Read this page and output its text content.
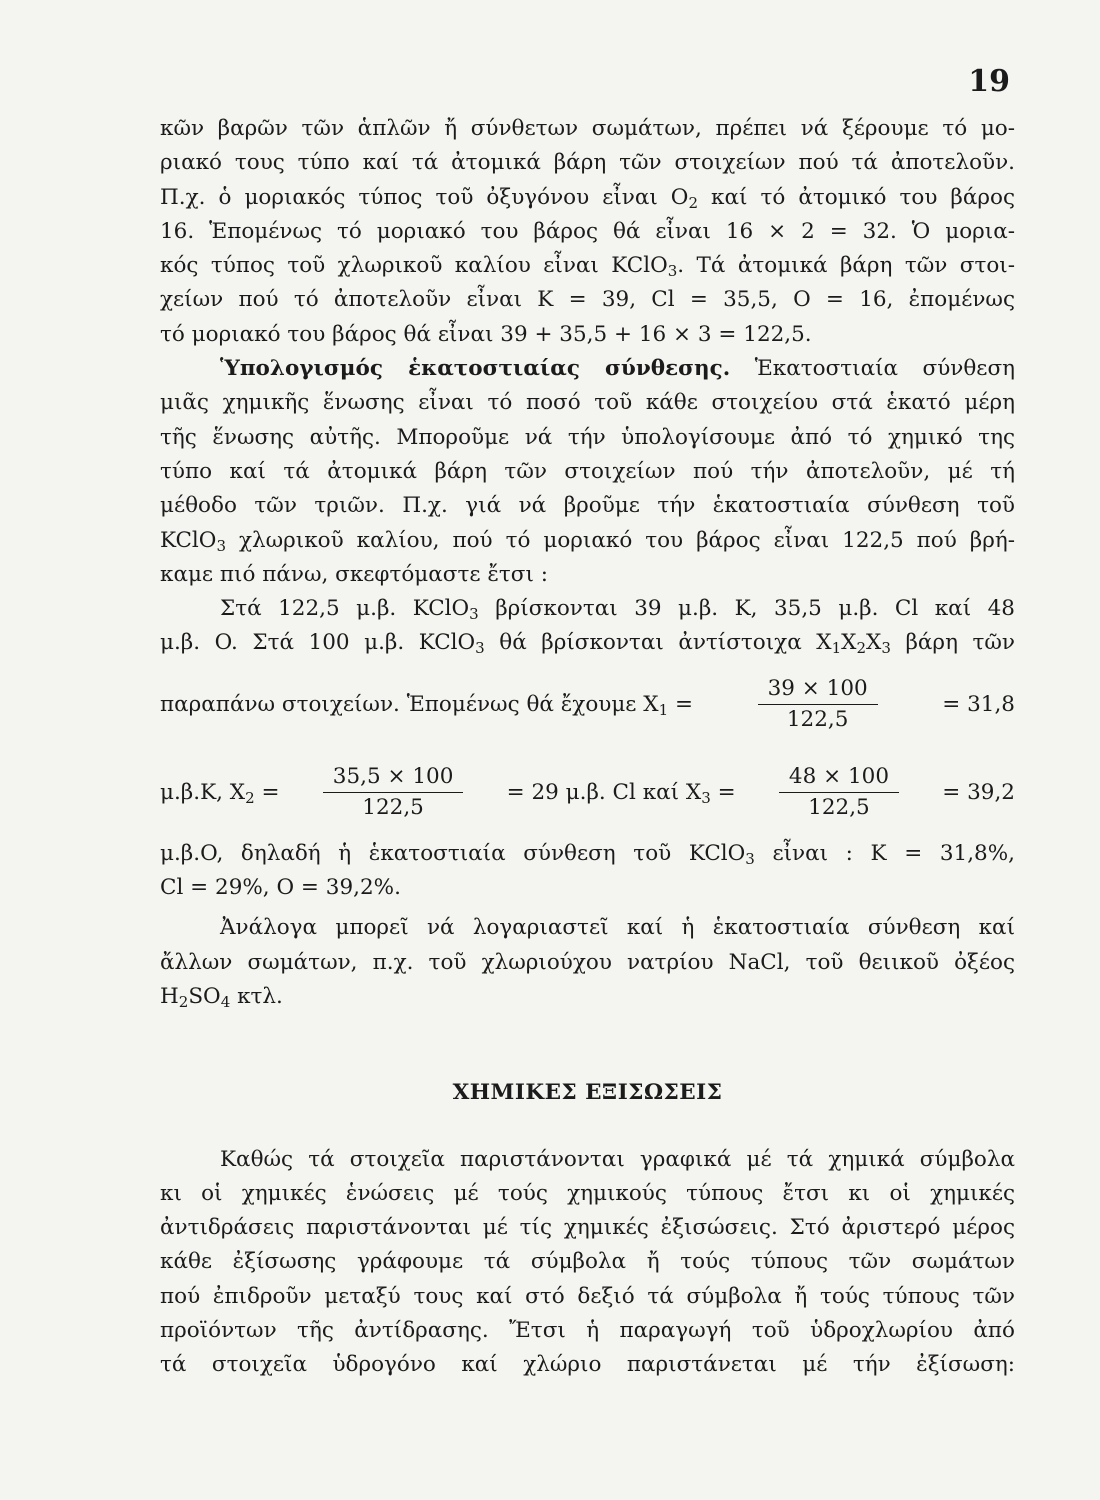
19
κῶν βαρῶν τῶν ἁπλῶν ἤ σύνθετων σωμάτων, πρέπει νά ξέρουμε τό μο-
ριακό τους τύπο καί τά ἀτομικά βάρη τῶν στοιχείων πού τά ἀποτελοῦν.
Π.χ. ὁ μοριακός τύπος τοῦ ὀξυγόνου εἶναι $O_2$ καί τό ἀτομικό του βάρος
16. Ἑπομένως τό μοριακό του βάρος θά εἶναι 16 × 2 = 32. Ὁ μορια-
κός τύπος τοῦ χλωρικοῦ καλίου εἶναι KClO$_3$. Τά ἀτομικά βάρη τῶν στοι-
χείων πού τό ἀποτελοῦν εἶναι K = 39, Cl = 35,5, O = 16, ἐπομένως
τό μοριακό του βάρος θά εἶναι 39 + 35,5 + 16 × 3 = 122,5.
Ὑπολογισμός ἑκατοστιαίας σύνθεσης. Ἑκατοστιαία σύνθεση
μιᾶς χημικῆς ἕνωσης εἶναι τό ποσό τοῦ κάθε στοιχείου στά ἑκατό μέρη
τῆς ἕνωσης αὐτῆς. Μποροῦμε νά τήν ὑπολογίσουμε ἀπό τό χημικό της
τύπο καί τά ἀτομικά βάρη τῶν στοιχείων πού τήν ἀποτελοῦν, μέ τή
μέθοδο τῶν τριῶν. Π.χ. γιά νά βροῦμε τήν ἑκατοστιαία σύνθεση τοῦ
KClO$_3$ χλωρικοῦ καλίου, πού τό μοριακό του βάρος εἶναι 122,5 πού βρή-
καμε πιό πάνω, σκεφτόμαστε ἔτσι :
Στά 122,5 μ.β. KClO$_3$ βρίσκονται 39 μ.β. K, 35,5 μ.β. Cl καί 48
μ.β. O. Στά 100 μ.β. KClO$_3$ θά βρίσκονται ἀντίστοιχα $X_1X_2X_3$ βάρη τῶν
παραπάνω στοιχείων. Ἑπομένως θά ἔχουμε $X_1$ =	$\frac{39 \times 100}{122,5}$	= 31,8
μ.β.K, $X_2 = \frac{35,5 \times 100}{122,5} = 29$ μ.β. Cl καί $X_3 = \frac{48 \times 100}{122,5} = 39,2$
μ.β.O, δηλαδή ἡ ἑκατοστιαία σύνθεση τοῦ KClO$_3$ εἶναι : K = 31,8%,
Cl = 29%, O = 39,2%.
Ἀνάλογα μπορεῖ νά λογαριαστεῖ καί ἡ ἑκατοστιαία σύνθεση καί
ἄλλων σωμάτων, π.χ. τοῦ χλωριούχου νατρίου NaCl, τοῦ θειικοῦ ὀξέος
$H_2SO_4$ κτλ.
ΧΗΜΙΚΕΣ ΕΞΙΣΩΣΕΙΣ
Καθώς τά στοιχεῖα παριστάνονται γραφικά μέ τά χημικά σύμβολα
κι οἱ χημικές ἑνώσεις μέ τούς χημικούς τύπους ἔτσι κι οἱ χημικές
ἀντιδράσεις παριστάνονται μέ τίς χημικές ἐξισώσεις. Στό ἀριστερό μέρος
κάθε ἐξίσωσης γράφουμε τά σύμβολα ἤ τούς τύπους τῶν σωμάτων
πού ἐπιδροῦν μεταξύ τους καί στό δεξιό τά σύμβολα ἤ τούς τύπους τῶν
προϊόντων τῆς ἀντίδρασης. Ἔτσι ἡ παραγωγή τοῦ ὑδροχλωρίου ἀπό
τά στοιχεῖα ὑδρογόνο καί χλώριο παριστάνεται μέ τήν ἐξίσωση:
